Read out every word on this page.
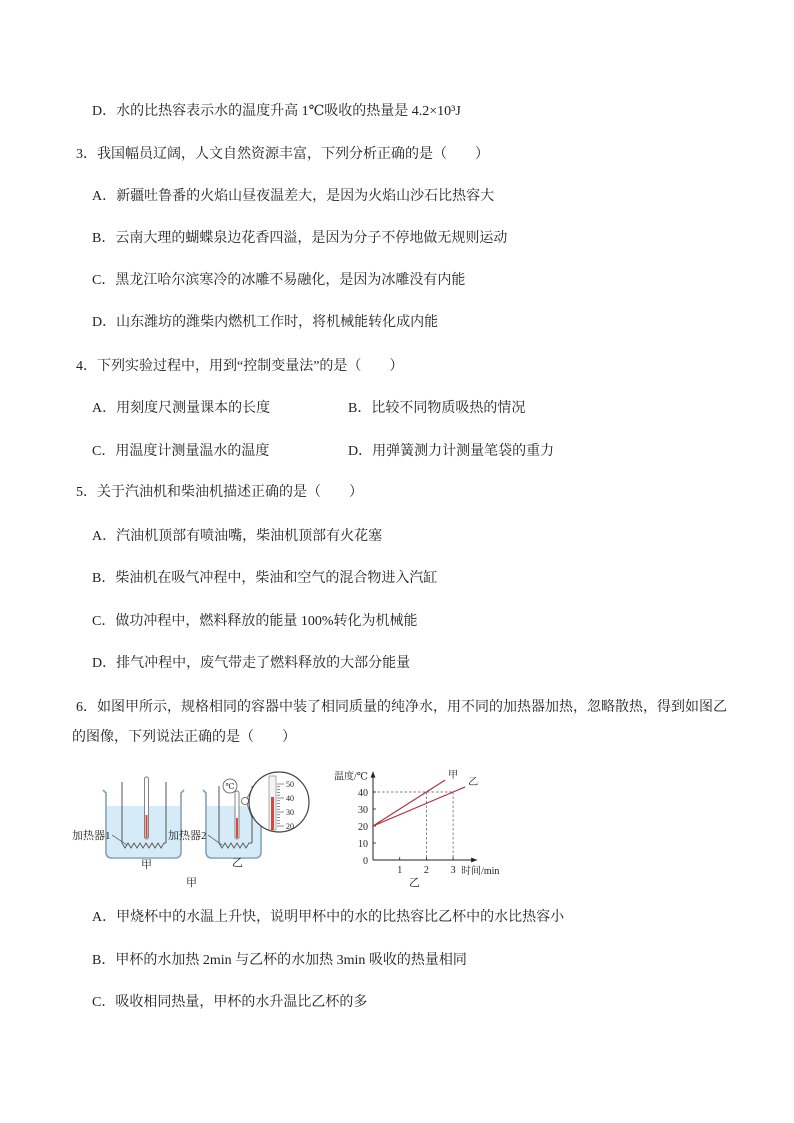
D．水的比热容表示水的温度升高 1℃吸收的热量是 4.2×10³J
3．我国幅员辽阔，人文自然资源丰富，下列分析正确的是（　　）
A．新疆吐鲁番的火焰山昼夜温差大，是因为火焰山沙石比热容大
B．云南大理的蝴蝶泉边花香四溢，是因为分子不停地做无规则运动
C．黑龙江哈尔滨寒冷的冰雕不易融化，是因为冰雕没有内能
D．山东潍坊的潍柴内燃机工作时，将机械能转化成内能
4．下列实验过程中，用到“控制变量法”的是（　　）
A．用刻度尺测量课本的长度	B．比较不同物质吸热的情况
C．用温度计测量温水的温度	D．用弹簧测力计测量笔袋的重力
5．关于汽油机和柴油机描述正确的是（　　）
A．汽油机顶部有喷油嘴，柴油机顶部有火花塞
B．柴油机在吸气冲程中，柴油和空气的混合物进入汽缸
C．做功冲程中，燃料释放的能量 100%转化为机械能
D．排气冲程中，废气带走了燃料释放的大部分能量
6．如图甲所示，规格相同的容器中装了相同质量的纯净水，用不同的加热器加热，忽略散热，得到如图乙
的图像，下列说法正确的是（　　）
加热器1
甲
℃
加热器2
乙
50
40
30
20
甲
1 2 3
0
10
20
30
40
温度/℃
时间/min
甲
乙
乙
A．甲烧杯中的水温上升快，说明甲杯中的水的比热容比乙杯中的水比热容小
B．甲杯的水加热 2min 与乙杯的水加热 3min 吸收的热量相同
C．吸收相同热量，甲杯的水升温比乙杯的多
